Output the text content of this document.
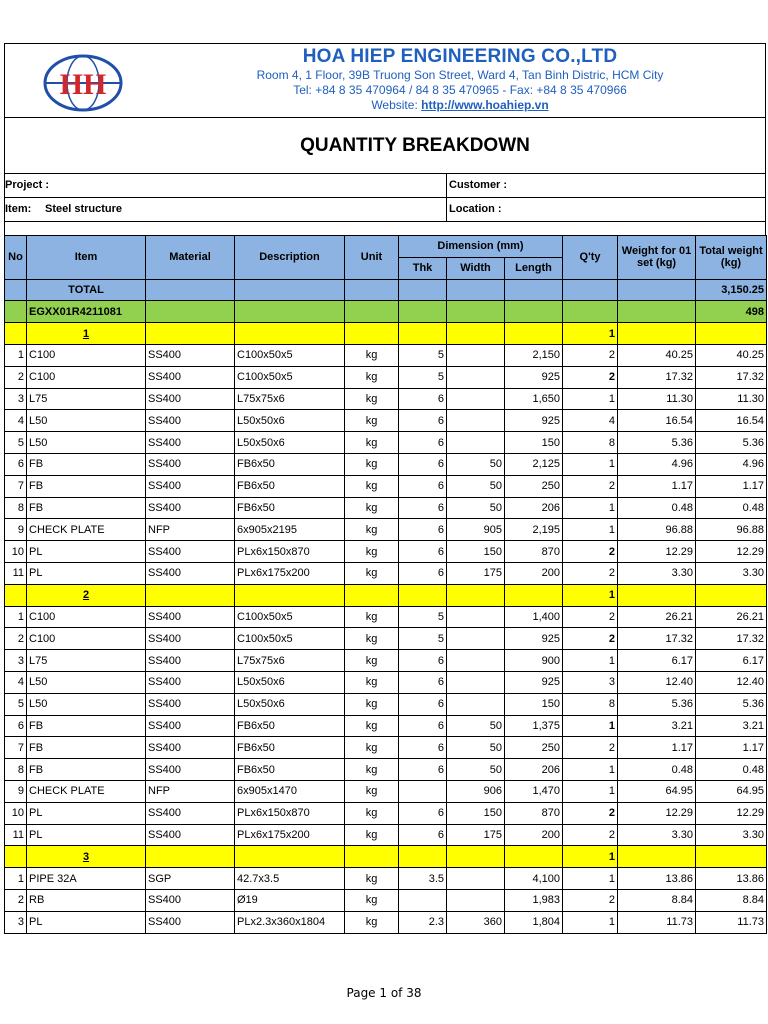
HH
HOA HIEP ENGINEERING CO.,LTD
Room 4, 1 Floor, 39B Truong Son Street, Ward 4, Tan Binh Distric, HCM City
Tel: +84 8 35 470964 / 84 8 35 470965 - Fax: +84 8 35 470966
Website: http://www.hoahiep.vn
QUANTITY BREAKDOWN
Project :	Customer :
Item: Steel structure	Location :
No	Item	Material	Description	Unit	Dimension (mm)			Q'ty	Weight for 01 set (kg)	Total weight (kg)
					Thk	Width	Length			
	TOTAL									3,150.25
	EGXX01R4211081									498
	1							1		
1	C100	SS400	C100x50x5	kg	5		2,150	2	40.25	40.25
2	C100	SS400	C100x50x5	kg	5		925	2	17.32	17.32
3	L75	SS400	L75x75x6	kg	6		1,650	1	11.30	11.30
4	L50	SS400	L50x50x6	kg	6		925	4	16.54	16.54
5	L50	SS400	L50x50x6	kg	6		150	8	5.36	5.36
6	FB	SS400	FB6x50	kg	6	50	2,125	1	4.96	4.96
7	FB	SS400	FB6x50	kg	6	50	250	2	1.17	1.17
8	FB	SS400	FB6x50	kg	6	50	206	1	0.48	0.48
9	CHECK PLATE	NFP	6x905x2195	kg	6	905	2,195	1	96.88	96.88
10	PL	SS400	PLx6x150x870	kg	6	150	870	2	12.29	12.29
11	PL	SS400	PLx6x175x200	kg	6	175	200	2	3.30	3.30
	2							1		
1	C100	SS400	C100x50x5	kg	5		1,400	2	26.21	26.21
2	C100	SS400	C100x50x5	kg	5		925	2	17.32	17.32
3	L75	SS400	L75x75x6	kg	6		900	1	6.17	6.17
4	L50	SS400	L50x50x6	kg	6		925	3	12.40	12.40
5	L50	SS400	L50x50x6	kg	6		150	8	5.36	5.36
6	FB	SS400	FB6x50	kg	6	50	1,375	1	3.21	3.21
7	FB	SS400	FB6x50	kg	6	50	250	2	1.17	1.17
8	FB	SS400	FB6x50	kg	6	50	206	1	0.48	0.48
9	CHECK PLATE	NFP	6x905x1470	kg		906	1,470	1	64.95	64.95
10	PL	SS400	PLx6x150x870	kg	6	150	870	2	12.29	12.29
11	PL	SS400	PLx6x175x200	kg	6	175	200	2	3.30	3.30
	3							1		
1	PIPE 32A	SGP	42.7x3.5	kg	3.5		4,100	1	13.86	13.86
2	RB	SS400	Ø19	kg			1,983	2	8.84	8.84
3	PL	SS400	PLx2.3x360x1804	kg	2.3	360	1,804	1	11.73	11.73
Page 1 of 38
